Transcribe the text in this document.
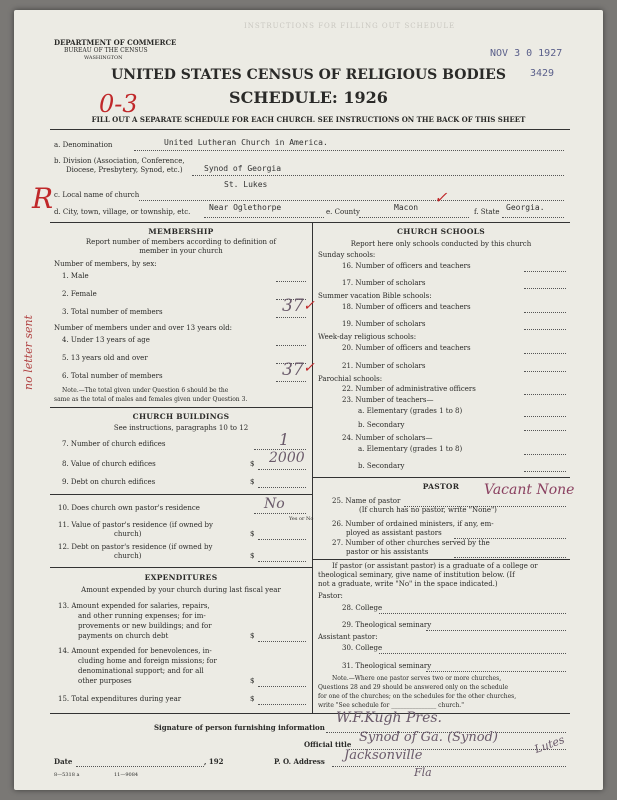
INSTRUCTIONS FOR FILLING OUT SCHEDULE
DEPARTMENT OF COMMERCE
BUREAU OF THE CENSUS
WASHINGTON	NOV 3 0 1927
3429
UNITED STATES CENSUS OF RELIGIOUS BODIES
SCHEDULE: 1926
0-3
R
no letter sent
FILL OUT A SEPARATE SCHEDULE FOR EACH CHURCH. SEE INSTRUCTIONS ON THE BACK OF THIS SHEET
a. Denomination	United Lutheran Church in America.
b. Division (Association, Conference,
Diocese, Presbytery, Synod, etc.)	Synod of Georgia
St. Lukes
c. Local name of church
d. City, town, village, or township, etc. Near Oglethorpe	e. County	Macon
✓
f. State Georgia.
MEMBERSHIP
Report number of members according to definition of
member in your church
Number of members, by sex:
1. Male
2. Female
3. Total number of members	37 ✓
Number of members under and over 13 years old:
4. Under 13 years of age
5. 13 years old and over
6. Total number of members	37 ✓
Note.—The total given under Question 6 should be the
same as the total of males and females given under Question 3.
CHURCH BUILDINGS
See instructions, paragraphs 10 to 12
7. Number of church edifices	1
8. Value of church edifices	$ 2000
9. Debt on church edifices	$
10. Does church own pastor's residence	No
Yes or No
11. Value of pastor's residence (if owned by
church)	$
12. Debt on pastor's residence (if owned by
church)	$
EXPENDITURES
Amount expended by your church during last fiscal year
13. Amount expended for salaries, repairs,
and other running expenses; for im-
provements or new buildings; and for
payments on church debt	$
14. Amount expended for benevolences, in-
cluding home and foreign missions; for
denominational support; and for all
other purposes	$
15. Total expenditures during year	$
CHURCH SCHOOLS
Report here only schools conducted by this church
Sunday schools:
16. Number of officers and teachers
17. Number of scholars
Summer vacation Bible schools:
18. Number of officers and teachers
19. Number of scholars
Week-day religious schools:
20. Number of officers and teachers
21. Number of scholars
Parochial schools:
22. Number of administrative officers
23. Number of teachers—
a. Elementary (grades 1 to 8)
b. Secondary
24. Number of scholars—
a. Elementary (grades 1 to 8)
b. Secondary
PASTOR
25. Name of pastor
Vacant None
(If church has no pastor, write "None")
26. Number of ordained ministers, if any, em-
ployed as assistant pastors
27. Number of other churches served by the
pastor or his assistants
If pastor (or assistant pastor) is a graduate of a college or
theological seminary, give name of institution below. (If
not a graduate, write "No" in the space indicated.)
Pastor:
28. College
29. Theological seminary
Assistant pastor:
30. College
31. Theological seminary
Note.—Where one pastor serves two or more churches,
Questions 28 and 29 should be answered only on the schedule
for one of the churches; on the schedules for the other churches,
write "See schedule for _______________ church."
Signature of person furnishing information
W.F.Kugh Pres.
Official title Synod of Ga. (Synod)	Lutes
Date	, 192	P. O. Address Jacksonville
Fla
8—5318 a	11—9084
